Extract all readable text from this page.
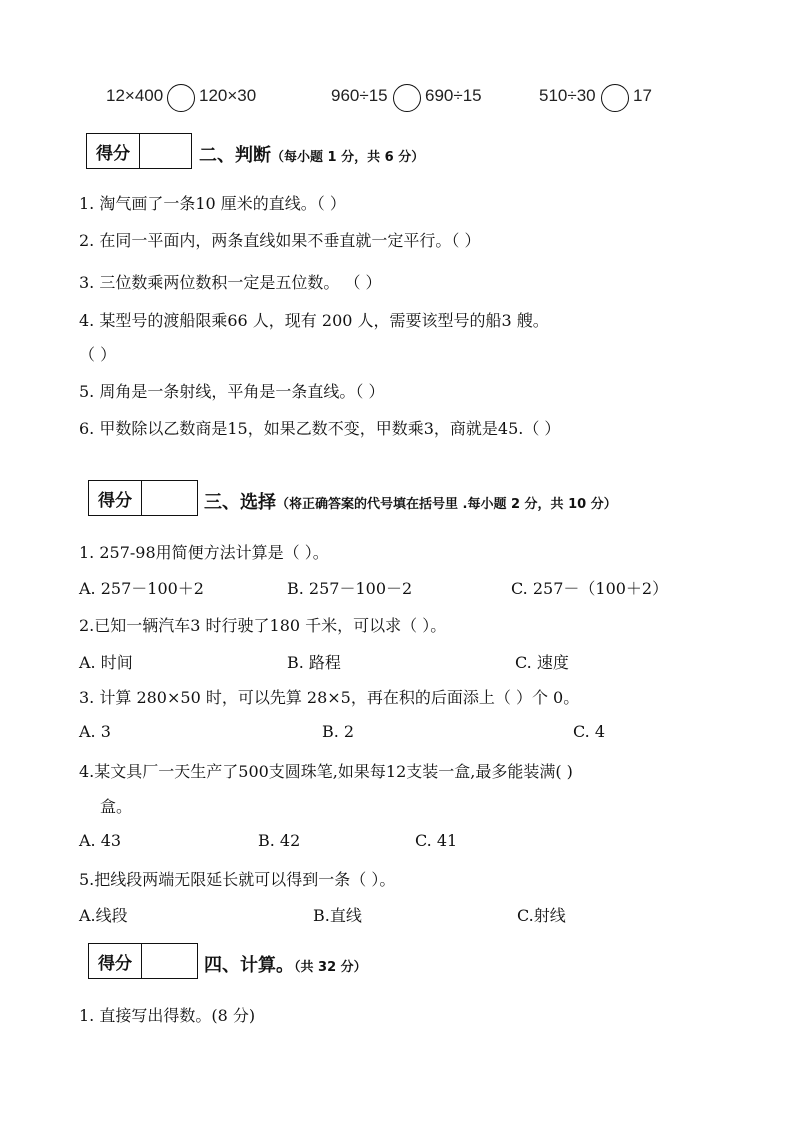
12×400 120×30	960÷15 690÷15	510÷30 17
得分	二、判断（每小题 1 分，共 6 分）
1. 淘气画了一条10 厘米的直线。（ ）
2. 在同一平面内，两条直线如果不垂直就一定平行。（ ）
3. 三位数乘两位数积一定是五位数。 （ ）
4. 某型号的渡船限乘66 人，现有 200 人，需要该型号的船3 艘。
（ ）
5. 周角是一条射线，平角是一条直线。（ ）
6. 甲数除以乙数商是15，如果乙数不变，甲数乘3，商就是45.（ ）
得分	三、选择（将正确答案的代号填在括号里 .每小题 2 分，共 10 分）
1. 257-98用简便方法计算是（ ）。
A. 257－100＋2	B. 257－100－2	C. 257－（100＋2）
2.已知一辆汽车3 时行驶了180 千米，可以求（ ）。
A. 时间	B. 路程	C. 速度
3. 计算 280×50 时，可以先算 28×5，再在积的后面添上（ ）个 0。
A. 3	B. 2	C. 4
4.某文具厂一天生产了500支圆珠笔,如果每12支装一盒,最多能装满( )
盒。
A. 43	B. 42	C. 41
5.把线段两端无限延长就可以得到一条（ ）。
A.线段	B.直线	C.射线
得分	四、计算。（共 32 分）
1. 直接写出得数。(8 分)
